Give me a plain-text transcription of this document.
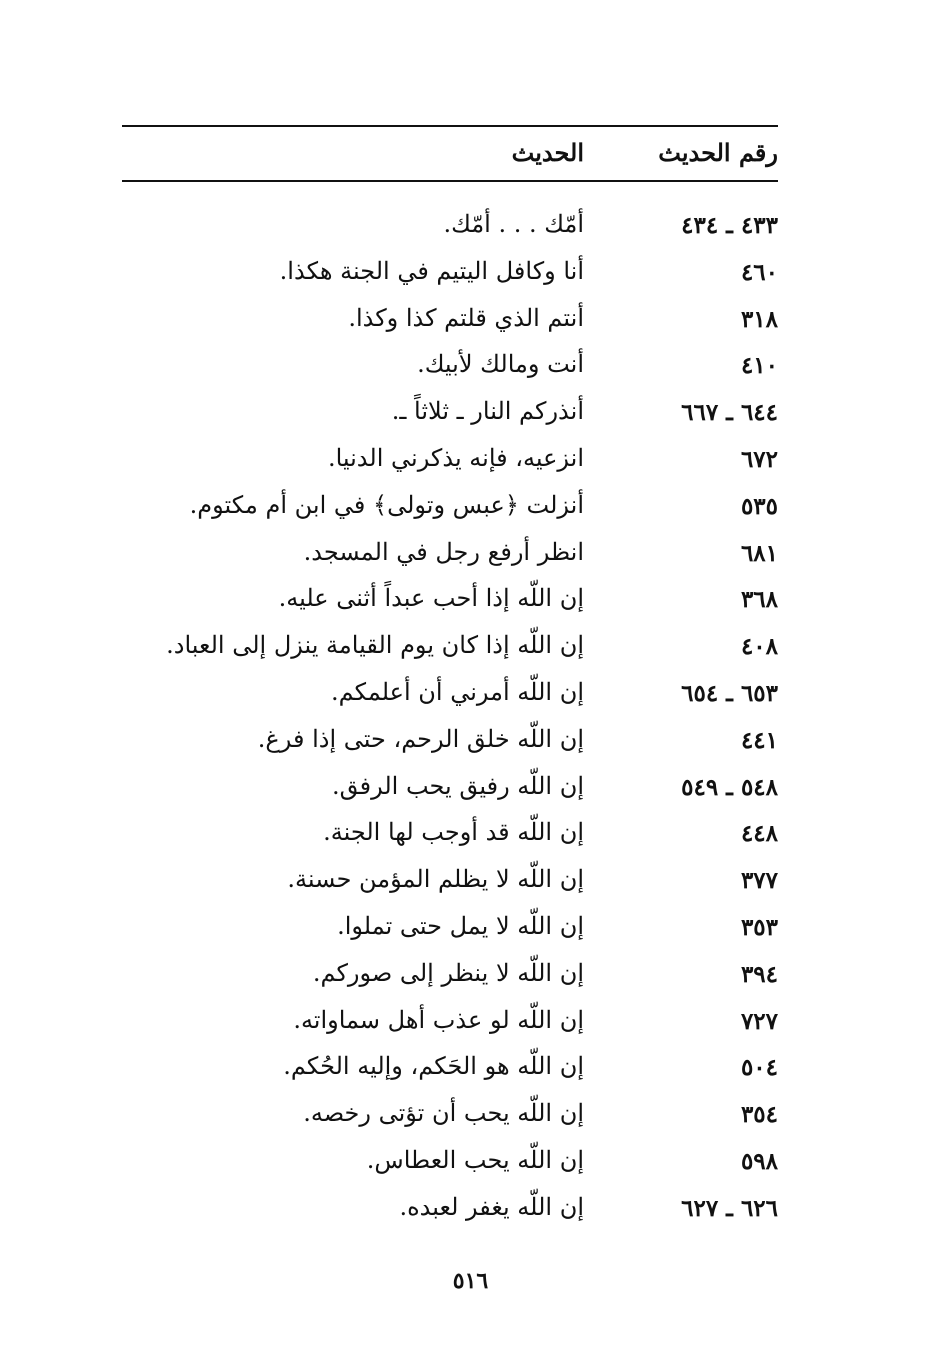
رقم الحديث
الحديث
٤٣٣ ـ ٤٣٤
أمّك . . . أمّك.
٤٦٠
أنا وكافل اليتيم في الجنة هكذا.
٣١٨
أنتم الذي قلتم كذا وكذا.
٤١٠
أنت ومالك لأبيك.
٦٤٤ ـ ٦٦٧
أنذركم النار ـ ثلاثاً ـ.
٦٧٢
انزعيه، فإنه يذكرني الدنيا.
٥٣٥
أنزلت ﴿عبس وتولى﴾ في ابن أم مكتوم.
٦٨١
انظر أرفع رجل في المسجد.
٣٦٨
إن اللّه إذا أحب عبداً أثنى عليه.
٤٠٨
إن اللّه إذا كان يوم القيامة ينزل إلى العباد.
٦٥٣ ـ ٦٥٤
إن اللّه أمرني أن أعلمكم.
٤٤١
إن اللّه خلق الرحم، حتى إذا فرغ.
٥٤٨ ـ ٥٤٩
إن اللّه رفيق يحب الرفق.
٤٤٨
إن اللّه قد أوجب لها الجنة.
٣٧٧
إن اللّه لا يظلم المؤمن حسنة.
٣٥٣
إن اللّه لا يمل حتى تملوا.
٣٩٤
إن اللّه لا ينظر إلى صوركم.
٧٢٧
إن اللّه لو عذب أهل سماواته.
٥٠٤
إن اللّه هو الحَكم، وإليه الحُكم.
٣٥٤
إن اللّه يحب أن تؤتى رخصه.
٥٩٨
إن اللّه يحب العطاس.
٦٢٦ ـ ٦٢٧
إن اللّه يغفر لعبده.
٥١٦
